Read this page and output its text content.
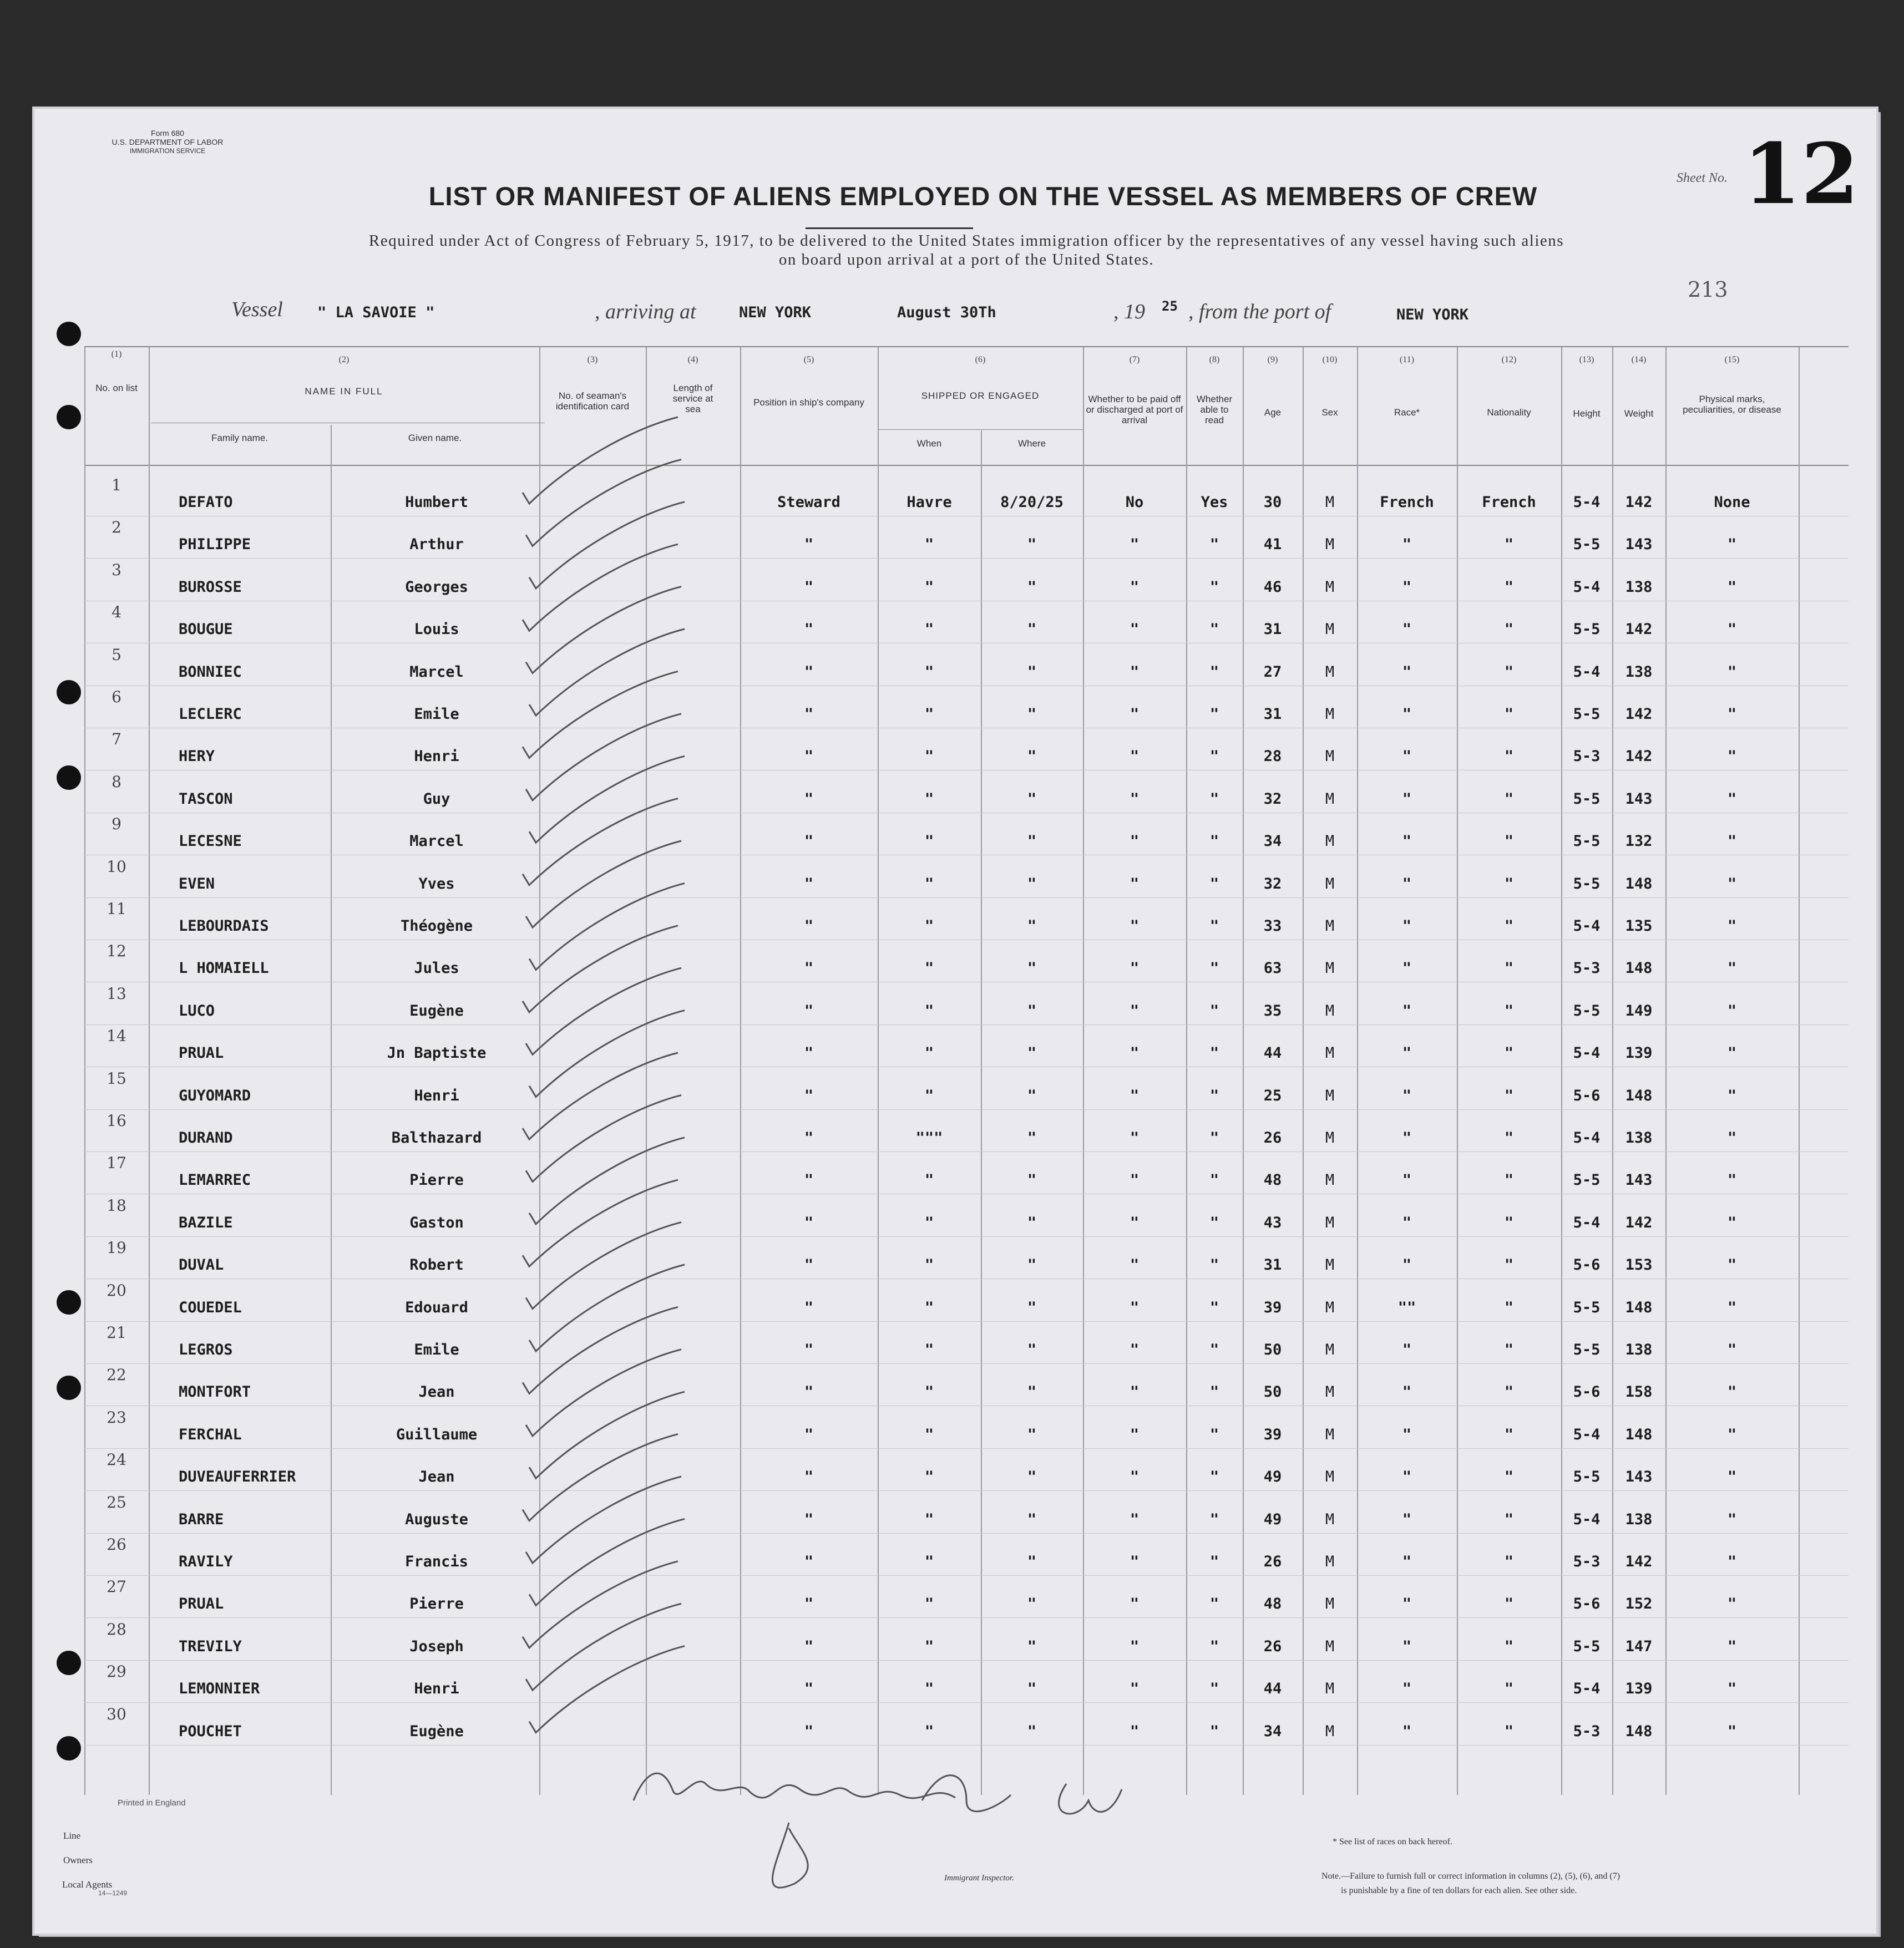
Form 680
U.S. DEPARTMENT OF LABOR
IMMIGRATION SERVICE
LIST OR MANIFEST OF ALIENS EMPLOYED ON THE VESSEL AS MEMBERS OF CREW
Sheet No. 12
Required under Act of Congress of February 5, 1917, to be delivered to the United States immigration officer by the representatives of any vessel having such aliens
on board upon arrival at a port of the United States.
213
Vessel " LA SAVOIE "	, arriving at	NEW YORK	August 30Th	, 19 25 , from the port of	NEW YORK
(1)
No. on list
(2)
NAME IN FULL
Family name.	Given name.
(3)
No. of seaman's identification card
(4)
Length of service at sea
(5)
Position in ship's company
(6)
SHIPPED OR ENGAGED
When	Where
(7)
Whether to be paid off or discharged at port of arrival
(8)
Whether able to read
(9)
Age
(10)
Sex
(11)
Race*
(12)
Nationality
(13)
Height
(14)
Weight
(15)
Physical marks, peculiarities, or disease
1
DEFATO	Humbert	Steward	Havre	8/20/25	No	Yes	30	M	French	French	5-4	142	None
2
PHILIPPE	Arthur	"	"	"	"	"	41	M	"	"	5-5	143	"
3
BUROSSE	Georges	"	"	"	"	"	46	M	"	"	5-4	138	"
4
BOUGUE	Louis	"	"	"	"	"	31	M	"	"	5-5	142	"
5
BONNIEC	Marcel	"	"	"	"	"	27	M	"	"	5-4	138	"
6
LECLERC	Emile	"	"	"	"	"	31	M	"	"	5-5	142	"
7
HERY	Henri	"	"	"	"	"	28	M	"	"	5-3	142	"
8
TASCON	Guy	"	"	"	"	"	32	M	"	"	5-5	143	"
9
LECESNE	Marcel	"	"	"	"	"	34	M	"	"	5-5	132	"
10
EVEN	Yves	"	"	"	"	"	32	M	"	"	5-5	148	"
11
LEBOURDAIS	Théogène	"	"	"	"	"	33	M	"	"	5-4	135	"
12
L HOMAIELL	Jules	"	"	"	"	"	63	M	"	"	5-3	148	"
13
LUCO	Eugène	"	"	"	"	"	35	M	"	"	5-5	149	"
14
PRUAL	Jn Baptiste	"	"	"	"	"	44	M	"	"	5-4	139	"
15
GUYOMARD	Henri	"	"	"	"	"	25	M	"	"	5-6	148	"
16
DURAND	Balthazard	"	"""	"	"	"	26	M	"	"	5-4	138	"
17
LEMARREC	Pierre	"	"	"	"	"	48	M	"	"	5-5	143	"
18
BAZILE	Gaston	"	"	"	"	"	43	M	"	"	5-4	142	"
19
DUVAL	Robert	"	"	"	"	"	31	M	"	"	5-6	153	"
20
COUEDEL	Edouard	"	"	"	"	"	39	M	""	"	5-5	148	"
21
LEGROS	Emile	"	"	"	"	"	50	M	"	"	5-5	138	"
22
MONTFORT	Jean	"	"	"	"	"	50	M	"	"	5-6	158	"
23
FERCHAL	Guillaume	"	"	"	"	"	39	M	"	"	5-4	148	"
24
DUVEAUFERRIER	Jean	"	"	"	"	"	49	M	"	"	5-5	143	"
25
BARRE	Auguste	"	"	"	"	"	49	M	"	"	5-4	138	"
26
RAVILY	Francis	"	"	"	"	"	26	M	"	"	5-3	142	"
27
PRUAL	Pierre	"	"	"	"	"	48	M	"	"	5-6	152	"
28
TREVILY	Joseph	"	"	"	"	"	26	M	"	"	5-5	147	"
29
LEMONNIER	Henri	"	"	"	"	"	44	M	"	"	5-4	139	"
30
POUCHET	Eugène	"	"	"	"	"	34	M	"	"	5-3	148	"
Printed in England
Line
Owners
Local Agents
14—1249
Immigrant Inspector.
* See list of races on back hereof.
Note.—Failure to furnish full or correct information in columns (2), (5), (6), and (7)
is punishable by a fine of ten dollars for each alien. See other side.
